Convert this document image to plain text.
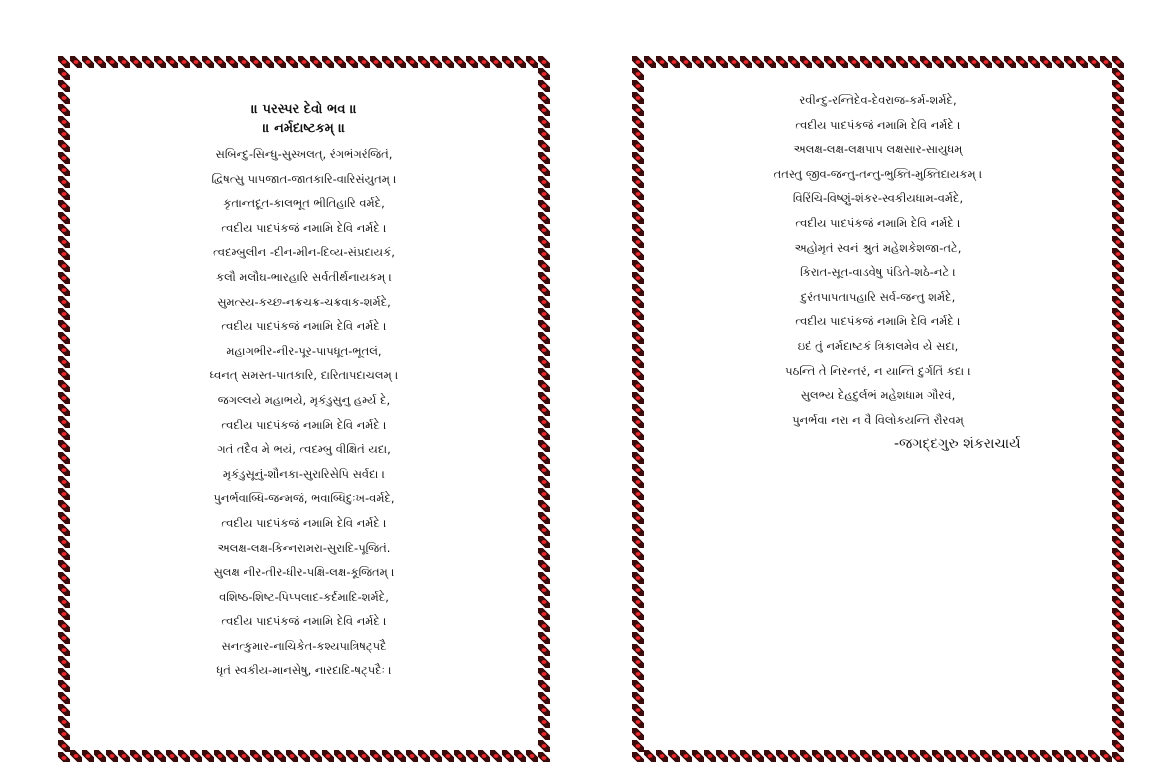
॥ પરસ્પર દેવો ભવ ॥
॥ નર્મદાષ્ટકમ્ ॥
સબિન્દુ-સિન્ધુ-સુસ્ખલત્, રંગભંગરંજિતં,
દ્વિષત્સુ પાપજાત-જાતકારિ-વારિસંયુતમ્ ।
કૃતાન્તદૂત-કાલભૂત ભીતિહારિ વર્મદે,
ત્વદીય પાદપંકજં નમામિ દેવિ નર્મદે ।
ત્વદમ્બુલીન -દીન-મીન-દિવ્ય-સંપ્રદાયકં,
કલૌ મલૌઘ-ભારહારિ સર્વતીર્થનાયકમ્ ।
સુમત્સ્ય-કચ્છ-નક્રચક્ર-ચક્રવાક-શર્મદે,
ત્વદીય પાદપંકજં નમામિ દેવિ નર્મદે ।
મહાગભીર-નીર-પૂર-પાપધૂત-ભૂતલં,
ધ્વનત્ સમસ્ત-પાતકારિ, દારિતાપદાચલમ્ ।
જગલ્લયે મહાભયે, મૃકંડુસુનુ હર્મ્ય દે,
ત્વદીય પાદપંકજં નમામિ દેવિ નર્મદે ।
ગતં તદૈવ મે ભયં, ત્વદમ્બુ વીક્ષિતં યદા,
મૃકંડુસૂનું-શૌનકા-સુરારિસેપિ સર્વદા ।
પુનર્ભવાબ્ધિ-જન્મજં, ભવાબ્ધિદુઃખ-વર્મદે,
ત્વદીય પાદપંકજં નમામિ દેવિ નર્મદે ।
અલક્ષ-લક્ષ-કિન્નરામરા-સુરાદિ-પૂજિતં.
સુલક્ષ નીર-તીર-ધીર-પક્ષિ-લક્ષ-કૂજિતમ્ ।
વશિષ્ઠ-શિષ્ટ-પિપ્પલાદ-કર્દમાદિ-શર્મદે,
ત્વદીય પાદપંકજં નમામિ દેવિ નર્મદે ।
સનત્કુમાર-નાચિકેત-કશ્યપાત્રિષટ્પદૈ
ધૃતં સ્વકીય-માનસેષુ, નારદાદિ-ષટ્પદૈઃ ।
રવીન્દુ-રન્તિદેવ-દેવરાજ-કર્મ-શર્મદે,
ત્વદીય પાદપંકજં નમામિ દેવિ નર્મદે ।
અલક્ષ-લક્ષ-લક્ષપાપ લક્ષસાર-સાયુધમ્
તતસ્તુ જીવ-જન્તુ-તન્તુ-ભુક્તિ-મુક્તિદાયકમ્ ।
વિરિંચિ-વિષ્ણું-શંકર-સ્વકીયધામ-વર્મદે,
ત્વદીય પાદપંકજં નમામિ દેવિ નર્મદે ।
અહોમૃતં સ્વનં શ્રુતં મહેશકેશજા-તટે,
કિરાત-સૂત-વાડવેષુ પંડિતે-શઠે-નટે ।
દુરંતપાપતાપહારિ સર્વ-જન્તુ શર્મદે,
ત્વદીય પાદપંકજં નમામિ દેવિ નર્મદે ।
ઇદં તું નર્મદાષ્ટકં ત્રિકાલમેવ યે સદા,
પઠન્તિ તે નિરન્તરં, ન યાન્તિ દુર્ગતિં કદા ।
સુલભ્ય દેહદુર્લભં મહેશધામ ગૌરવં,
પુનર્ભવા નરા ન વૈ વિલોકયન્તિ રૌરવમ્
-જગદ્દગુરુ શંકરાચાર્ય
